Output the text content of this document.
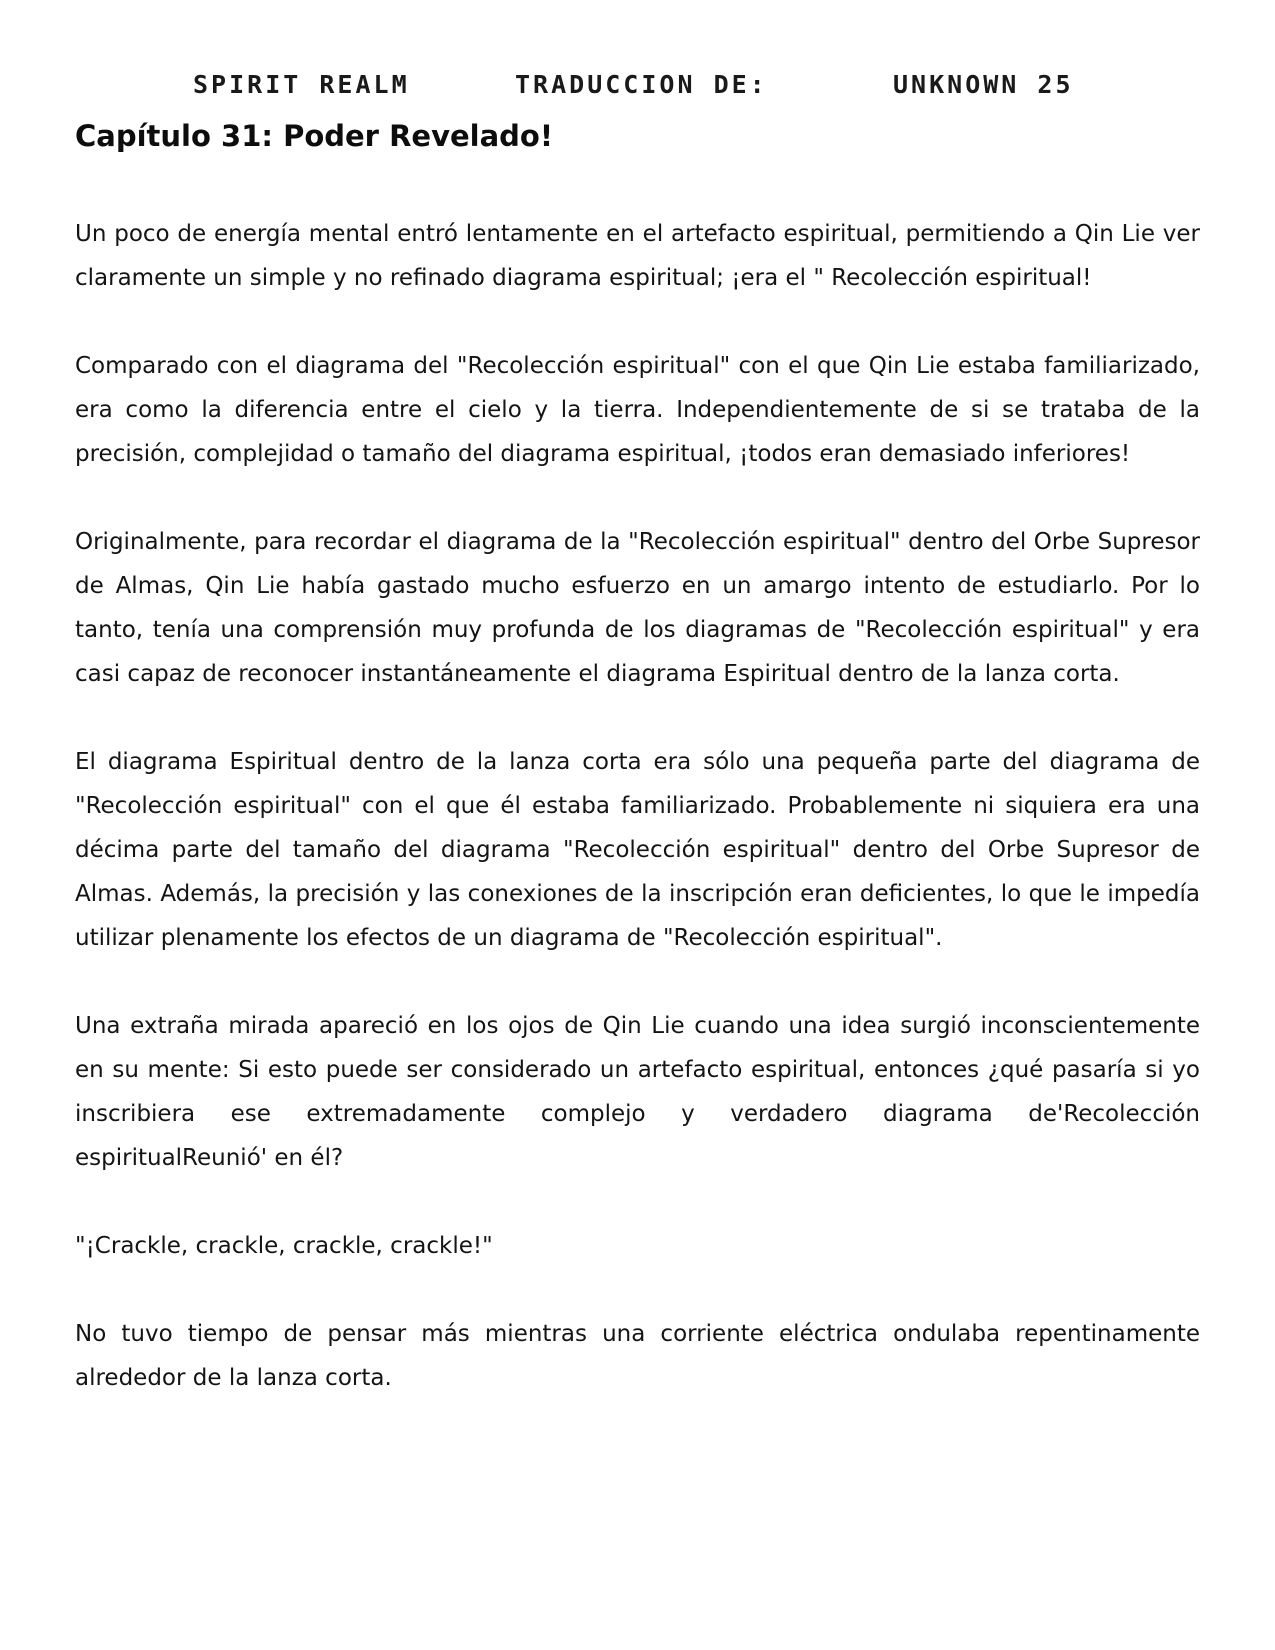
SPIRIT REALM	TRADUCCION DE:	UNKNOWN 25
Capítulo 31: Poder Revelado!

Un poco de energía mental entró lentamente en el artefacto espiritual, permitiendo a Qin Lie ver claramente un simple y no refinado diagrama espiritual; ¡era el " Recolección espiritual!

Comparado con el diagrama del "Recolección espiritual" con el que Qin Lie estaba familiarizado, era como la diferencia entre el cielo y la tierra. Independientemente de si se trataba de la precisión, complejidad o tamaño del diagrama espiritual, ¡todos eran demasiado inferiores!

Originalmente, para recordar el diagrama de la "Recolección espiritual" dentro del Orbe Supresor de Almas, Qin Lie había gastado mucho esfuerzo en un amargo intento de estudiarlo. Por lo tanto, tenía una comprensión muy profunda de los diagramas de "Recolección espiritual" y era casi capaz de reconocer instantáneamente el diagrama Espiritual dentro de la lanza corta.

El diagrama Espiritual dentro de la lanza corta era sólo una pequeña parte del diagrama de "Recolección espiritual" con el que él estaba familiarizado. Probablemente ni siquiera era una décima parte del tamaño del diagrama "Recolección espiritual" dentro del Orbe Supresor de Almas. Además, la precisión y las conexiones de la inscripción eran deficientes, lo que le impedía utilizar plenamente los efectos de un diagrama de "Recolección espiritual".

Una extraña mirada apareció en los ojos de Qin Lie cuando una idea surgió inconscientemente en su mente: Si esto puede ser considerado un artefacto espiritual, entonces ¿qué pasaría si yo inscribiera ese extremadamente complejo y verdadero diagrama de'Recolección espiritualReunió' en él?

"¡Crackle, crackle, crackle, crackle!"

No tuvo tiempo de pensar más mientras una corriente eléctrica ondulaba repentinamente alrededor de la lanza corta.
